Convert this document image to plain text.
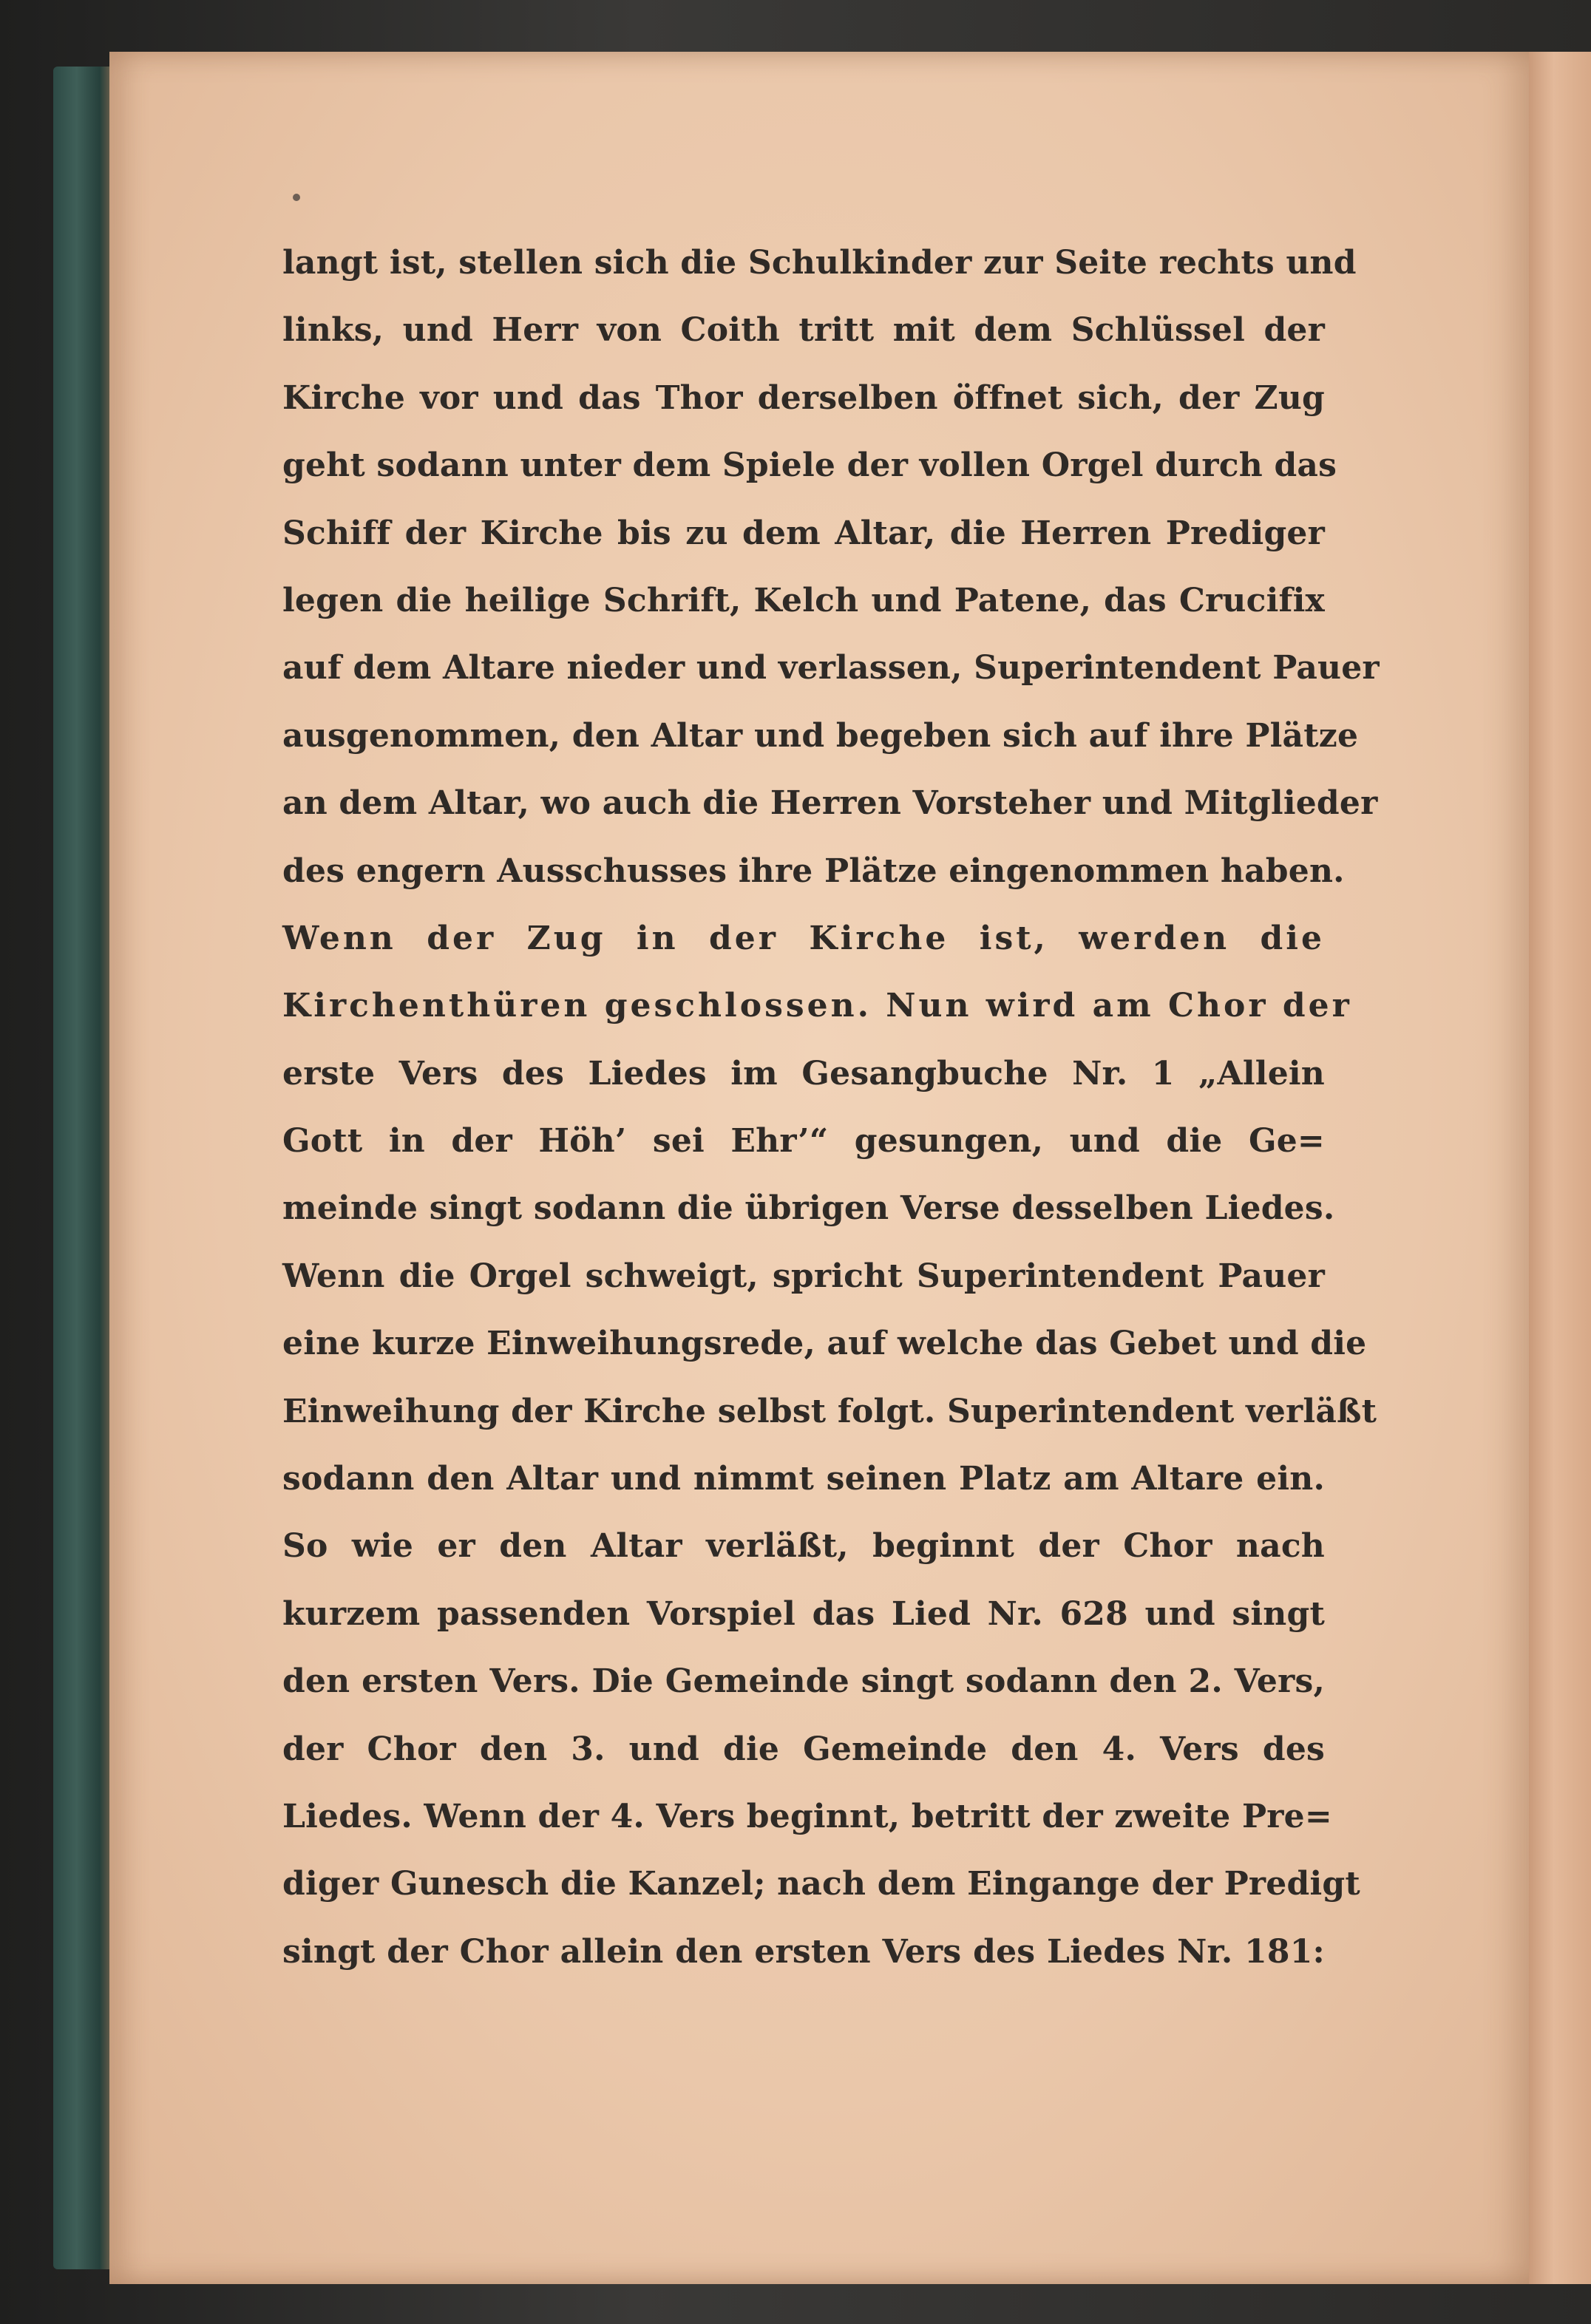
langt ist, stellen sich die Schulkinder zur Seite rechts und
links, und Herr von Coith tritt mit dem Schlüssel der
Kirche vor und das Thor derselben öffnet sich, der Zug
geht sodann unter dem Spiele der vollen Orgel durch das
Schiff der Kirche bis zu dem Altar, die Herren Prediger
legen die heilige Schrift, Kelch und Patene, das Crucifix
auf dem Altare nieder und verlassen, Superintendent Pauer
ausgenommen, den Altar und begeben sich auf ihre Plätze
an dem Altar, wo auch die Herren Vorsteher und Mitglieder
des engern Ausschusses ihre Plätze eingenommen haben.
Wenn der Zug in der Kirche ist, werden die
Kirchenthüren geschlossen. Nun wird am Chor der
erste Vers des Liedes im Gesangbuche Nr. 1 „Allein
Gott in der Höh’ sei Ehr’“ gesungen, und die Ge=
meinde singt sodann die übrigen Verse desselben Liedes.
Wenn die Orgel schweigt, spricht Superintendent Pauer
eine kurze Einweihungsrede, auf welche das Gebet und die
Einweihung der Kirche selbst folgt. Superintendent verläßt
sodann den Altar und nimmt seinen Platz am Altare ein.
So wie er den Altar verläßt, beginnt der Chor nach
kurzem passenden Vorspiel das Lied Nr. 628 und singt
den ersten Vers. Die Gemeinde singt sodann den 2. Vers,
der Chor den 3. und die Gemeinde den 4. Vers des
Liedes. Wenn der 4. Vers beginnt, betritt der zweite Pre=
diger Gunesch die Kanzel; nach dem Eingange der Predigt
singt der Chor allein den ersten Vers des Liedes Nr. 181:
